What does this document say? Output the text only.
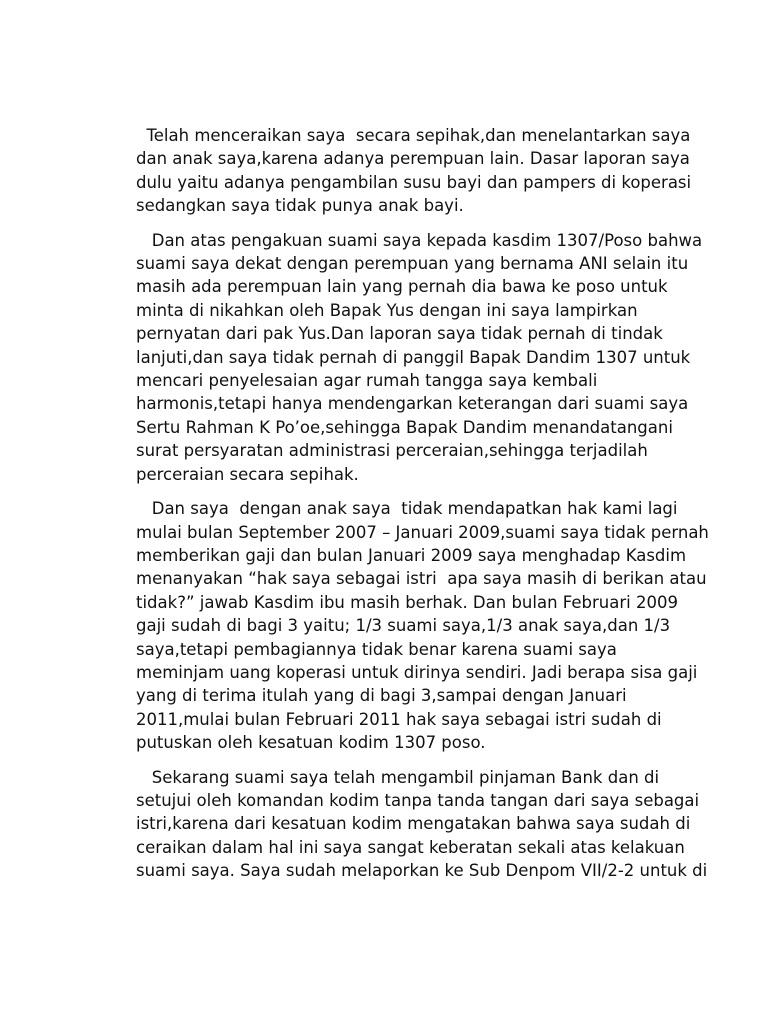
Telah menceraikan saya  secara sepihak,dan menelantarkan saya
dan anak saya,karena adanya perempuan lain. Dasar laporan saya
dulu yaitu adanya pengambilan susu bayi dan pampers di koperasi
sedangkan saya tidak punya anak bayi.

Dan atas pengakuan suami saya kepada kasdim 1307/Poso bahwa
suami saya dekat dengan perempuan yang bernama ANI selain itu
masih ada perempuan lain yang pernah dia bawa ke poso untuk
minta di nikahkan oleh Bapak Yus dengan ini saya lampirkan
pernyatan dari pak Yus.Dan laporan saya tidak pernah di tindak
lanjuti,dan saya tidak pernah di panggil Bapak Dandim 1307 untuk
mencari penyelesaian agar rumah tangga saya kembali
harmonis,tetapi hanya mendengarkan keterangan dari suami saya
Sertu Rahman K Po’oe,sehingga Bapak Dandim menandatangani
surat persyaratan administrasi perceraian,sehingga terjadilah
perceraian secara sepihak.

Dan saya  dengan anak saya  tidak mendapatkan hak kami lagi
mulai bulan September 2007 – Januari 2009,suami saya tidak pernah
memberikan gaji dan bulan Januari 2009 saya menghadap Kasdim
menanyakan “hak saya sebagai istri  apa saya masih di berikan atau
tidak?” jawab Kasdim ibu masih berhak. Dan bulan Februari 2009
gaji sudah di bagi 3 yaitu; 1/3 suami saya,1/3 anak saya,dan 1/3
saya,tetapi pembagiannya tidak benar karena suami saya
meminjam uang koperasi untuk dirinya sendiri. Jadi berapa sisa gaji
yang di terima itulah yang di bagi 3,sampai dengan Januari
2011,mulai bulan Februari 2011 hak saya sebagai istri sudah di
putuskan oleh kesatuan kodim 1307 poso.

Sekarang suami saya telah mengambil pinjaman Bank dan di
setujui oleh komandan kodim tanpa tanda tangan dari saya sebagai
istri,karena dari kesatuan kodim mengatakan bahwa saya sudah di
ceraikan dalam hal ini saya sangat keberatan sekali atas kelakuan
suami saya. Saya sudah melaporkan ke Sub Denpom VII/2-2 untuk di
